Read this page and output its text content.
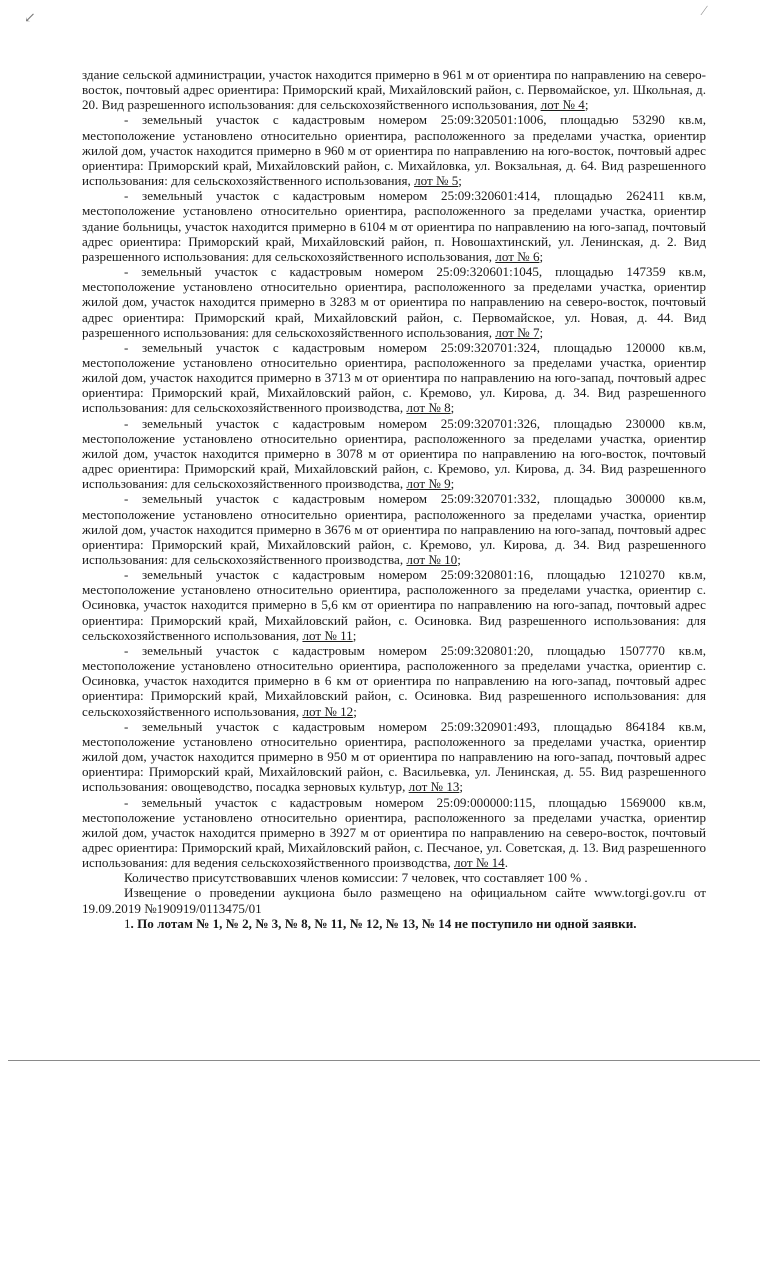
↙	∕

здание сельской администрации, участок находится примерно в 961 м от ориентира по направлению на северо-восток, почтовый адрес ориентира: Приморский край, Михайловский район, с. Первомайское, ул. Школьная, д. 20. Вид разрешенного использования: для сельскохозяйственного использования, лот № 4;

- земельный участок с кадастровым номером 25:09:320501:1006, площадью 53290 кв.м, местоположение установлено относительно ориентира, расположенного за пределами участка, ориентир жилой дом, участок находится примерно в 960 м от ориентира по направлению на юго-восток, почтовый адрес ориентира: Приморский край, Михайловский район, с. Михайловка, ул. Вокзальная, д. 64. Вид разрешенного использования: для сельскохозяйственного использования, лот № 5;

- земельный участок с кадастровым номером 25:09:320601:414, площадью 262411 кв.м, местоположение установлено относительно ориентира, расположенного за пределами участка, ориентир здание больницы, участок находится примерно в 6104 м от ориентира по направлению на юго-запад, почтовый адрес ориентира: Приморский край, Михайловский район, п. Новошахтинский, ул. Ленинская, д. 2. Вид разрешенного использования: для сельскохозяйственного использования, лот № 6;

- земельный участок с кадастровым номером 25:09:320601:1045, площадью 147359 кв.м, местоположение установлено относительно ориентира, расположенного за пределами участка, ориентир жилой дом, участок находится примерно в 3283 м от ориентира по направлению на северо-восток, почтовый адрес ориентира: Приморский край, Михайловский район, с. Первомайское, ул. Новая, д. 44. Вид разрешенного использования: для сельскохозяйственного использования, лот № 7;

- земельный участок с кадастровым номером 25:09:320701:324, площадью 120000 кв.м, местоположение установлено относительно ориентира, расположенного за пределами участка, ориентир жилой дом, участок находится примерно в 3713 м от ориентира по направлению на юго-запад, почтовый адрес ориентира: Приморский край, Михайловский район, с. Кремово, ул. Кирова, д. 34. Вид разрешенного использования: для сельскохозяйственного производства, лот № 8;

- земельный участок с кадастровым номером 25:09:320701:326, площадью 230000 кв.м, местоположение установлено относительно ориентира, расположенного за пределами участка, ориентир жилой дом, участок находится примерно в 3078 м от ориентира по направлению на юго-восток, почтовый адрес ориентира: Приморский край, Михайловский район, с. Кремово, ул. Кирова, д. 34. Вид разрешенного использования: для сельскохозяйственного производства, лот № 9;

- земельный участок с кадастровым номером 25:09:320701:332, площадью 300000 кв.м, местоположение установлено относительно ориентира, расположенного за пределами участка, ориентир жилой дом, участок находится примерно в 3676 м от ориентира по направлению на юго-запад, почтовый адрес ориентира: Приморский край, Михайловский район, с. Кремово, ул. Кирова, д. 34. Вид разрешенного использования: для сельскохозяйственного производства, лот № 10;

- земельный участок с кадастровым номером 25:09:320801:16, площадью 1210270 кв.м, местоположение установлено относительно ориентира, расположенного за пределами участка, ориентир с. Осиновка, участок находится примерно в 5,6 км от ориентира по направлению на юго-запад, почтовый адрес ориентира: Приморский край, Михайловский район, с. Осиновка. Вид разрешенного использования: для сельскохозяйственного использования, лот № 11;

- земельный участок с кадастровым номером 25:09:320801:20, площадью 1507770 кв.м, местоположение установлено относительно ориентира, расположенного за пределами участка, ориентир с. Осиновка, участок находится примерно в 6 км от ориентира по направлению на юго-запад, почтовый адрес ориентира: Приморский край, Михайловский район, с. Осиновка. Вид разрешенного использования: для сельскохозяйственного использования, лот № 12;

- земельный участок с кадастровым номером 25:09:320901:493, площадью 864184 кв.м, местоположение установлено относительно ориентира, расположенного за пределами участка, ориентир жилой дом, участок находится примерно в 950 м от ориентира по направлению на юго-запад, почтовый адрес ориентира: Приморский край, Михайловский район, с. Васильевка, ул. Ленинская, д. 55. Вид разрешенного использования: овощеводство, посадка зерновых культур, лот № 13;

- земельный участок с кадастровым номером 25:09:000000:115, площадью 1569000 кв.м, местоположение установлено относительно ориентира, расположенного за пределами участка, ориентир жилой дом, участок находится примерно в 3927 м от ориентира по направлению на северо-восток, почтовый адрес ориентира: Приморский край, Михайловский район, с. Песчаное, ул. Советская, д. 13. Вид разрешенного использования: для ведения сельскохозяйственного производства, лот № 14.

Количество присутствовавших членов комиссии: 7 человек, что составляет 100 % .

Извещение о проведении аукциона было размещено на официальном сайте www.torgi.gov.ru от 19.09.2019 №190919/0113475/01

1. По лотам № 1, № 2, № 3, № 8, № 11, № 12, № 13, № 14 не поступило ни одной заявки.
